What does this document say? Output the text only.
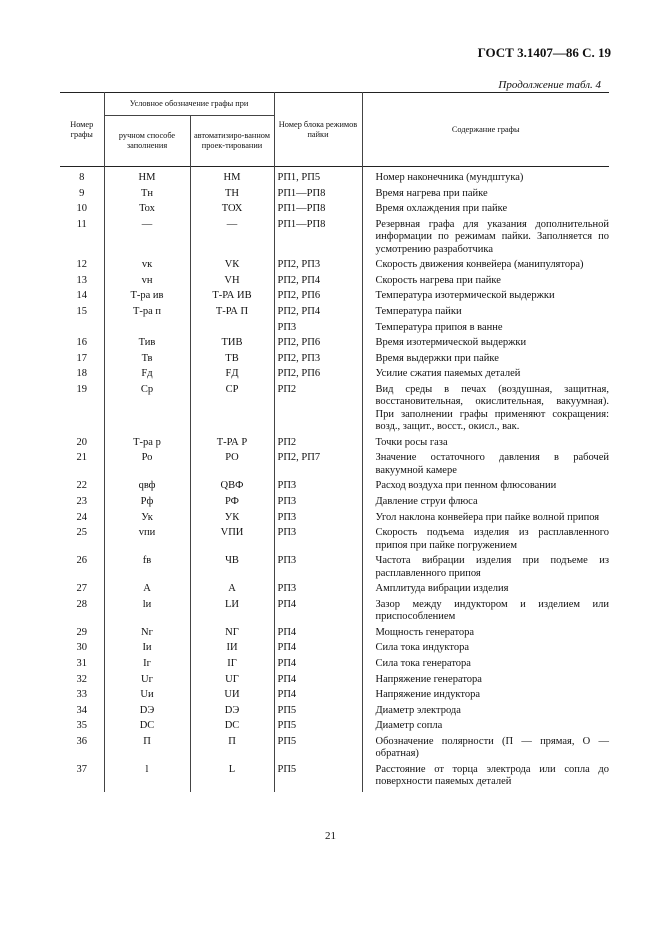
ГОСТ 3.1407—86 С. 19
Продолжение табл. 4
Номер графы	Условное обозначение графы при		Номер блока режимов пайки	Содержание графы
	ручном способе заполнения	автоматизиро-ванном проек-тировании		
8	НМ	НМ	РП1, РП5	Номер наконечника (мундштука)
9	Тн	ТН	РП1—РП8	Время нагрева при пайке
10	Тох	ТОХ	РП1—РП8	Время охлаждения при пайке
11	—	—	РП1—РП8	Резервная графа для указания дополнительной информации по режимам пайки. Заполняется по усмотрению разработчика
12	vк	VК	РП2, РП3	Скорость движения конвейера (манипулятора)
13	vн	VН	РП2, РП4	Скорость нагрева при пайке
14	Т-ра ив	Т-РА ИВ	РП2, РП6	Температура изотермической выдержки
15	Т-ра п	Т-РА П	РП2, РП4	Температура пайки
			РП3	Температура припоя в ванне
16	Тив	ТИВ	РП2, РП6	Время изотермической выдержки
17	Тв	ТВ	РП2, РП3	Время выдержки при пайке
18	Fд	FД	РП2, РП6	Усилие сжатия паяемых деталей
19	Ср	СР	РП2	Вид среды в печах (воздушная, защитная, восстановительная, окислительная, вакуумная). При заполнении графы применяют сокращения: возд., защит., восст., окисл., вак.
20	Т-ра р	Т-РА Р	РП2	Точки росы газа
21	Ро	РО	РП2, РП7	Значение остаточного давления в рабочей вакуумной камере
22	qвф	QВФ	РП3	Расход воздуха при пенном флюсовании
23	Рф	РФ	РП3	Давление струи флюса
24	Ук	УК	РП3	Угол наклона конвейера при пайке волной припоя
25	vпи	VПИ	РП3	Скорость подъема изделия из расплавленного припоя при пайке погружением
26	fв	ЧВ	РП3	Частота вибрации изделия при подъеме из расплавленного припоя
27	А	А	РП3	Амплитуда вибрации изделия
28	lи	LИ	РП4	Зазор между индуктором и изделием или приспособлением
29	Nг	NГ	РП4	Мощность генератора
30	Iи	IИ	РП4	Сила тока индуктора
31	Iг	IГ	РП4	Сила тока генератора
32	Uг	UГ	РП4	Напряжение генератора
33	Uи	UИ	РП4	Напряжение индуктора
34	DЭ	DЭ	РП5	Диаметр электрода
35	DC	DC	РП5	Диаметр сопла
36	П	П	РП5	Обозначение полярности (П — прямая, О — обратная)
37	l	L	РП5	Расстояние от торца электрода или сопла до поверхности паяемых деталей
21
